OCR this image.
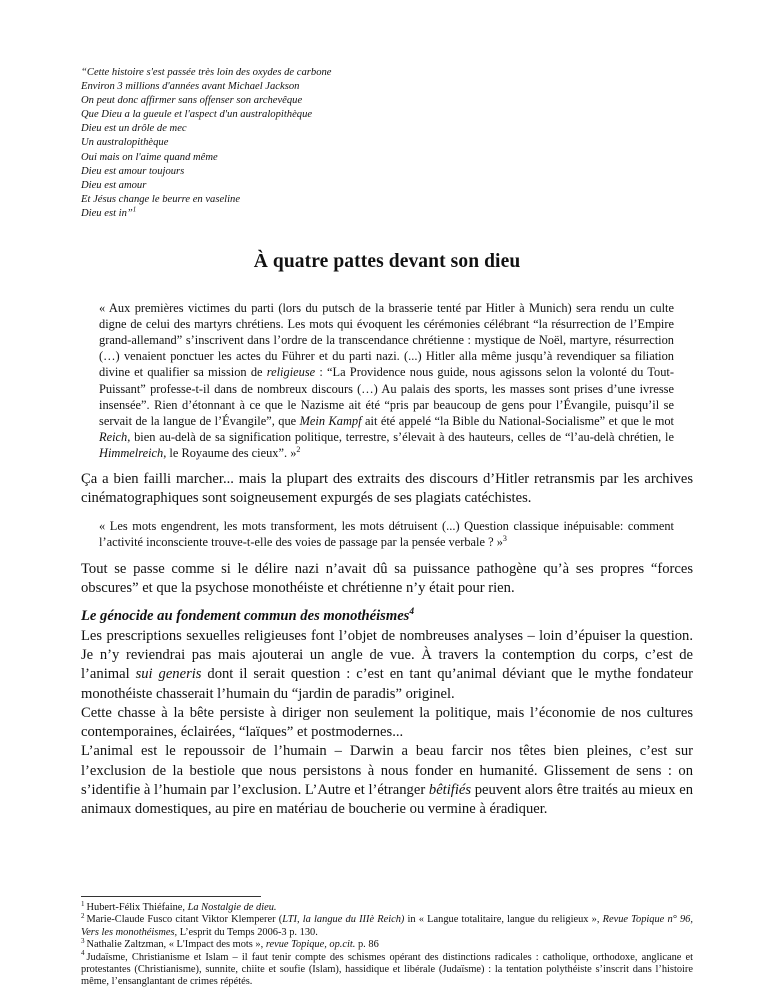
“Cette histoire s'est passée très loin des oxydes de carbone
Environ 3 millions d'années avant Michael Jackson
On peut donc affirmer sans offenser son archevêque
Que Dieu a la gueule et l'aspect d'un australopithèque
Dieu est un drôle de mec
Un australopithèque
Oui mais on l'aime quand même
Dieu est amour toujours
Dieu est amour
Et Jésus change le beurre en vaseline
Dieu est in”$^1$
À quatre pattes devant son dieu

« Aux premières victimes du parti (lors du putsch de la brasserie tenté par Hitler à Munich) sera rendu un culte digne de celui des martyrs chrétiens. Les mots qui évoquent les cérémonies célébrant “la résurrection de l’Empire grand-allemand” s’inscrivent dans l’ordre de la transcendance chrétienne : mystique de Noël, martyre, résurrection (…) venaient ponctuer les actes du Führer et du parti nazi. (...) Hitler alla même jusqu’à revendiquer sa filiation divine et qualifier sa mission de religieuse : “La Providence nous guide, nous agissons selon la volonté du Tout-Puissant” professe-t-il dans de nombreux discours (…) Au palais des sports, les masses sont prises d’une ivresse insensée”. Rien d’étonnant à ce que le Nazisme ait été “pris par beaucoup de gens pour l’Évangile, puisqu’il se servait de la langue de l’Évangile”, que Mein Kampf ait été appelé “la Bible du National-Socialisme” et que le mot Reich, bien au-delà de sa signification politique, terrestre, s’élevait à des hauteurs, celles de “l’au-delà chrétien, le Himmelreich, le Royaume des cieux”. »$^2$

Ça a bien failli marcher... mais la plupart des extraits des discours d’Hitler retransmis par les archives cinématographiques sont soigneusement expurgés de ses plagiats catéchistes.

« Les mots engendrent, les mots transforment, les mots détruisent (...) Question classique inépuisable: comment l’activité inconsciente trouve-t-elle des voies de passage par la pensée verbale ? »$^3$

Tout se passe comme si le délire nazi n’avait dû sa puissance pathogène qu’à ses propres “forces obscures” et que la psychose monothéiste et chrétienne n’y était pour rien.

Le génocide au fondement commun des monothéismes$^4$
Les prescriptions sexuelles religieuses font l’objet de nombreuses analyses – loin d’épuiser la question. Je n’y reviendrai pas mais ajouterai un angle de vue. À travers la contemption du corps, c’est de l’animal sui generis dont il serait question : c’est en tant qu’animal déviant que le mythe fondateur monothéiste chasserait l’humain du “jardin de paradis” originel.
Cette chasse à la bête persiste à diriger non seulement la politique, mais l’économie de nos cultures contemporaines, éclairées, “laïques” et postmodernes...
L’animal est le repoussoir de l’humain – Darwin a beau farcir nos têtes bien pleines, c’est sur l’exclusion de la bestiole que nous persistons à nous fonder en humanité. Glissement de sens : on s’identifie à l’humain par l’exclusion. L’Autre et l’étranger bêtifiés peuvent alors être traités au mieux en animaux domestiques, au pire en matériau de boucherie ou vermine à éradiquer.

$^1$ Hubert-Félix Thiéfaine, La Nostalgie de dieu.

$^2$ Marie-Claude Fusco citant Viktor Klemperer (LTI, la langue du IIIè Reich) in « Langue totalitaire, langue du religieux », Revue Topique n° 96, Vers les monothéismes, L’esprit du Temps 2006-3 p. 130.

$^3$ Nathalie Zaltzman, « L'Impact des mots », revue Topique, op.cit. p. 86

$^4$ Judaïsme, Christianisme et Islam – il faut tenir compte des schismes opérant des distinctions radicales : catholique, orthodoxe, anglicane et protestantes (Christianisme), sunnite, chiite et soufie (Islam), hassidique et libérale (Judaïsme) : la tentation polythéiste s’inscrit dans l’histoire même, l’ensanglantant de crimes répétés.
